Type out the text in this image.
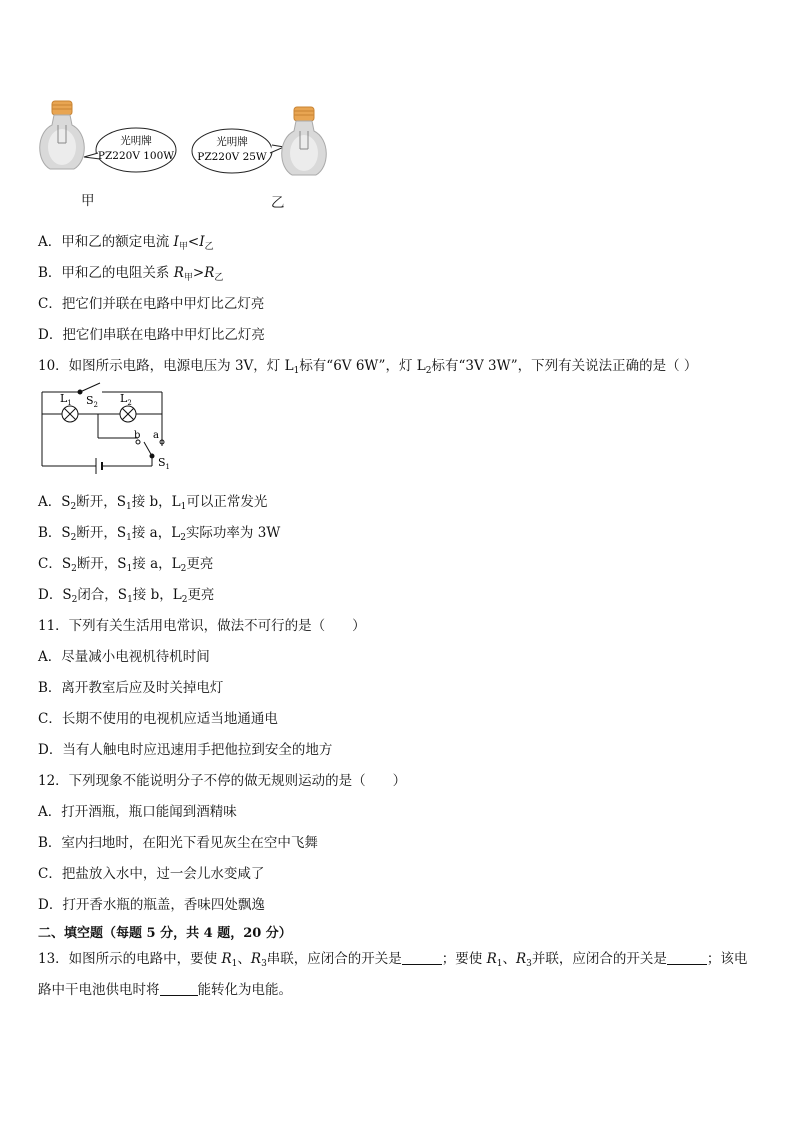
光明牌
PZ220V 100W
光明牌
PZ220V 25W
甲	乙
A．甲和乙的额定电流 $I_甲<I_乙$
B．甲和乙的电阻关系 $R_甲>R_乙$
C．把它们并联在电路中甲灯比乙灯亮
D．把它们串联在电路中甲灯比乙灯亮
10．如图所示电路，电源电压为 3V，灯 $L_1$标有“6V 6W”，灯 $L_2$标有“3V 3W”，下列有关说法正确的是（ ）
$L_1$ $S_2$ $L_2$
b a
$S_1$
A．$S_2$断开，$S_1$接 b，$L_1$可以正常发光
B．$S_2$断开，$S_1$接 a，$L_2$实际功率为 3W
C．$S_2$断开，$S_1$接 a，$L_2$更亮
D．$S_2$闭合，$S_1$接 b，$L_2$更亮
11．下列有关生活用电常识，做法不可行的是（　　）
A．尽量减小电视机待机时间
B．离开教室后应及时关掉电灯
C．长期不使用的电视机应适当地通通电
D．当有人触电时应迅速用手把他拉到安全的地方
12．下列现象不能说明分子不停的做无规则运动的是（　　）
A．打开酒瓶，瓶口能闻到酒精味
B．室内扫地时，在阳光下看见灰尘在空中飞舞
C．把盐放入水中，过一会儿水变咸了
D．打开香水瓶的瓶盖，香味四处飘逸
二、填空题（每题 5 分，共 4 题，20 分）
13．如图所示的电路中，要使 $R_1$、$R_3$串联，应闭合的开关是	；要使 $R_1$、$R_3$并联，应闭合的开关是	；该电
路中干电池供电时将	能转化为电能。
